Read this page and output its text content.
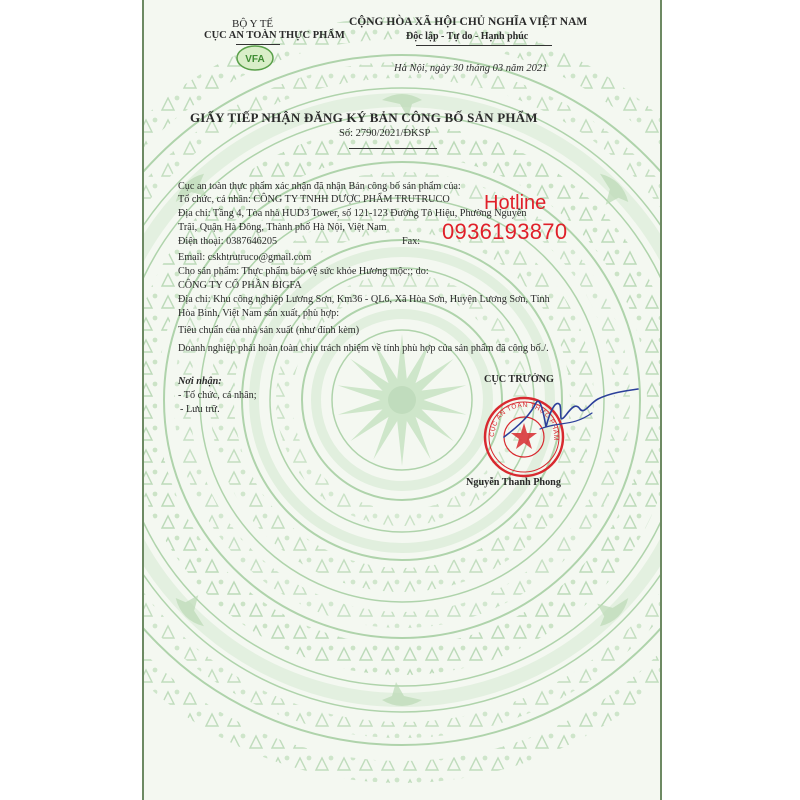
BỘ Y TẾ
CỤC AN TOÀN THỰC PHẨM
VFA
CỘNG HÒA XÃ HỘI CHỦ NGHĨA VIỆT NAM
Độc lập - Tự do - Hạnh phúc
Hà Nội, ngày 30 tháng 03 năm 2021
GIẤY TIẾP NHẬN ĐĂNG KÝ BẢN CÔNG BỐ SẢN PHẨM
Số: 2790/2021/ĐKSP
Cục an toàn thực phẩm xác nhận đã nhận Bản công bố sản phẩm của:
Tổ chức, cá nhân: CÔNG TY TNHH DƯỢC PHẨM TRUTRUCO
Địa chỉ: Tầng 4, Tòa nhà HUD3 Tower, số 121-123 Đường Tô Hiệu, Phường Nguyễn
Trãi, Quận Hà Đông, Thành phố Hà Nội, Việt Nam
Điện thoại: 0387646205	Fax:
Email: cskhtrutruco@gmail.com
Cho sản phẩm: Thực phẩm bảo vệ sức khỏe Hương mộc;; do:
CÔNG TY CỔ PHẦN BIGFA
Địa chỉ: Khu công nghiệp Lương Sơn, Km36 - QL6, Xã Hòa Sơn, Huyện Lương Sơn, Tỉnh
Hòa Bình, Việt Nam sản xuất, phù hợp:
Tiêu chuẩn của nhà sản xuất (như đính kèm)
Doanh nghiệp phải hoàn toàn chịu trách nhiệm về tính phù hợp của sản phẩm đã công bố./.
Hotline
0936193870
Nơi nhận:
- Tổ chức, cá nhân;
- Lưu trữ.
CỤC TRƯỞNG
CỤC AN TOÀN THỰC PHẨM
Nguyễn Thanh Phong
